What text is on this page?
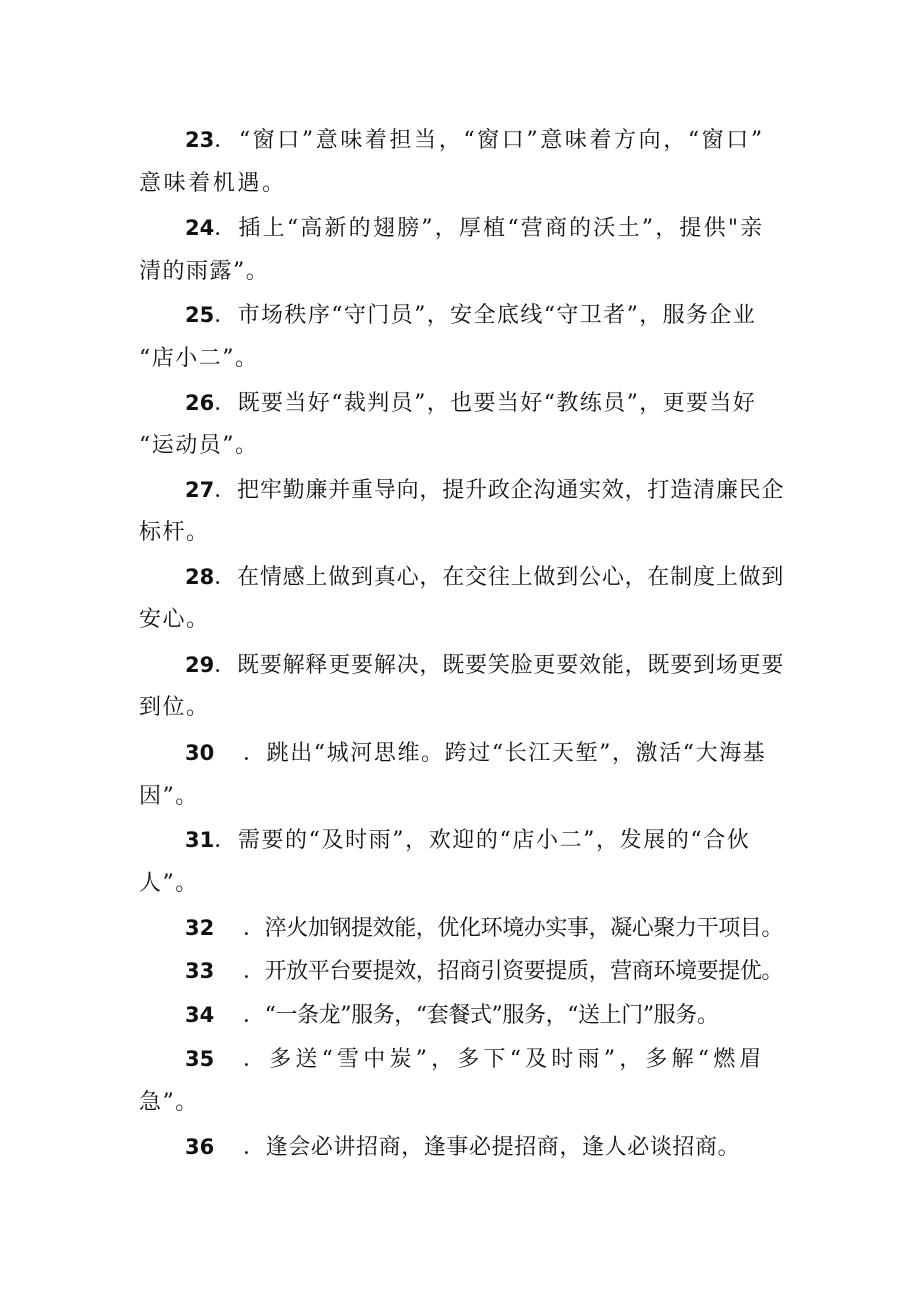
23．“窗口”意味着担当，“窗口”意味着方向，“窗口”
意味着机遇。
24．插上“高新的翅膀”，厚植“营商的沃土”，提供"亲
清的雨露”。
25．市场秩序“守门员”，安全底线“守卫者”，服务企业
“店小二”。
26．既要当好“裁判员”，也要当好“教练员”，更要当好
“运动员”。
27．把牢勤廉并重导向，提升政企沟通实效，打造清廉民企
标杆。
28．在情感上做到真心，在交往上做到公心，在制度上做到
安心。
29．既要解释更要解决，既要笑脸更要效能，既要到场更要
到位。
30 ．跳出“城河思维。跨过“长江天堑”，激活“大海基
因”。
31．需要的“及时雨”，欢迎的“店小二”，发展的“合伙
人”。
32 ．淬火加钢提效能，优化环境办实事，凝心聚力干项目。
33 ．开放平台要提效，招商引资要提质，营商环境要提优。
34 ．“一条龙”服务，“套餐式”服务，“送上门”服务。
35 ．多送“雪中炭”，多下“及时雨”，多解“燃眉
急”。
36 ．逢会必讲招商，逢事必提招商，逢人必谈招商。
